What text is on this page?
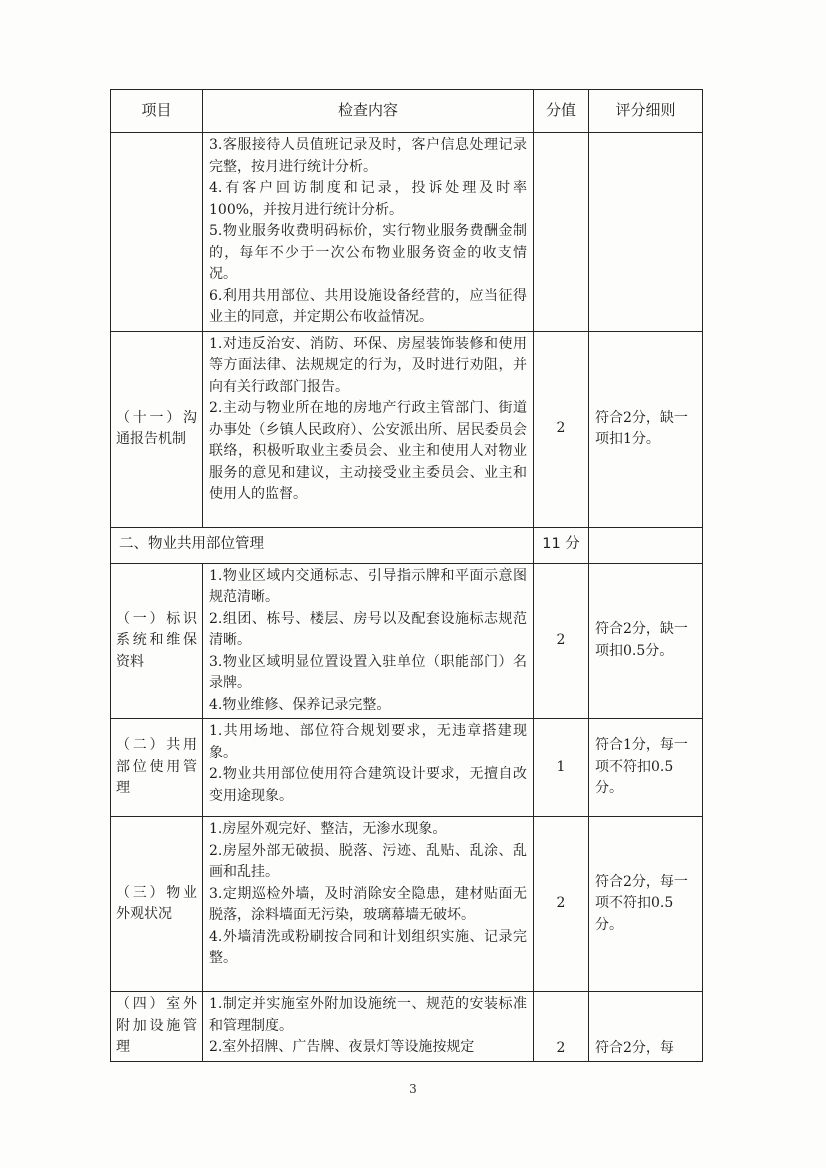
项目	检查内容	分值	评分细则

	3.客服接待人员值班记录及时，客户信息处理记录完整，按月进行统计分析。
4.有客户回访制度和记录，投诉处理及时率100%，并按月进行统计分析。
5.物业服务收费明码标价，实行物业服务费酬金制的，每年不少于一次公布物业服务资金的收支情况。
6.利用共用部位、共用设施设备经营的，应当征得业主的同意，并定期公布收益情况。		

（十一）沟通报告机制	1.对违反治安、消防、环保、房屋装饰装修和使用等方面法律、法规规定的行为，及时进行劝阻，并向有关行政部门报告。
2.主动与物业所在地的房地产行政主管部门、街道办事处（乡镇人民政府）、公安派出所、居民委员会联络，积极听取业主委员会、业主和使用人对物业服务的意见和建议，主动接受业主委员会、业主和使用人的监督。	2	符合2分，缺一项扣1分。
二、物业共用部位管理		11 分	
（一）标识系统和维保资料	1.物业区域内交通标志、引导指示牌和平面示意图规范清晰。
2.组团、栋号、楼层、房号以及配套设施标志规范清晰。
3.物业区域明显位置设置入驻单位（职能部门）名录牌。
4.物业维修、保养记录完整。	2	符合2分，缺一项扣0.5分。
（二）共用部位使用管理	1.共用场地、部位符合规划要求，无违章搭建现象。
2.物业共用部位使用符合建筑设计要求，无擅自改变用途现象。	1	符合1分，每一项不符扣0.5分。
（三）物业外观状况	1.房屋外观完好、整洁，无渗水现象。
2.房屋外部无破损、脱落、污迹、乱贴、乱涂、乱画和乱挂。
3.定期巡检外墙，及时消除安全隐患，建材贴面无脱落，涂料墙面无污染，玻璃幕墙无破坏。
4.外墙清洗或粉刷按合同和计划组织实施、记录完整。	2	符合2分，每一项不符扣0.5分。
（四）室外附加设施管理	1.制定并实施室外附加设施统一、规范的安装标准和管理制度。
2.室外招牌、广告牌、夜景灯等设施按规定	2	符合2分，每
3
